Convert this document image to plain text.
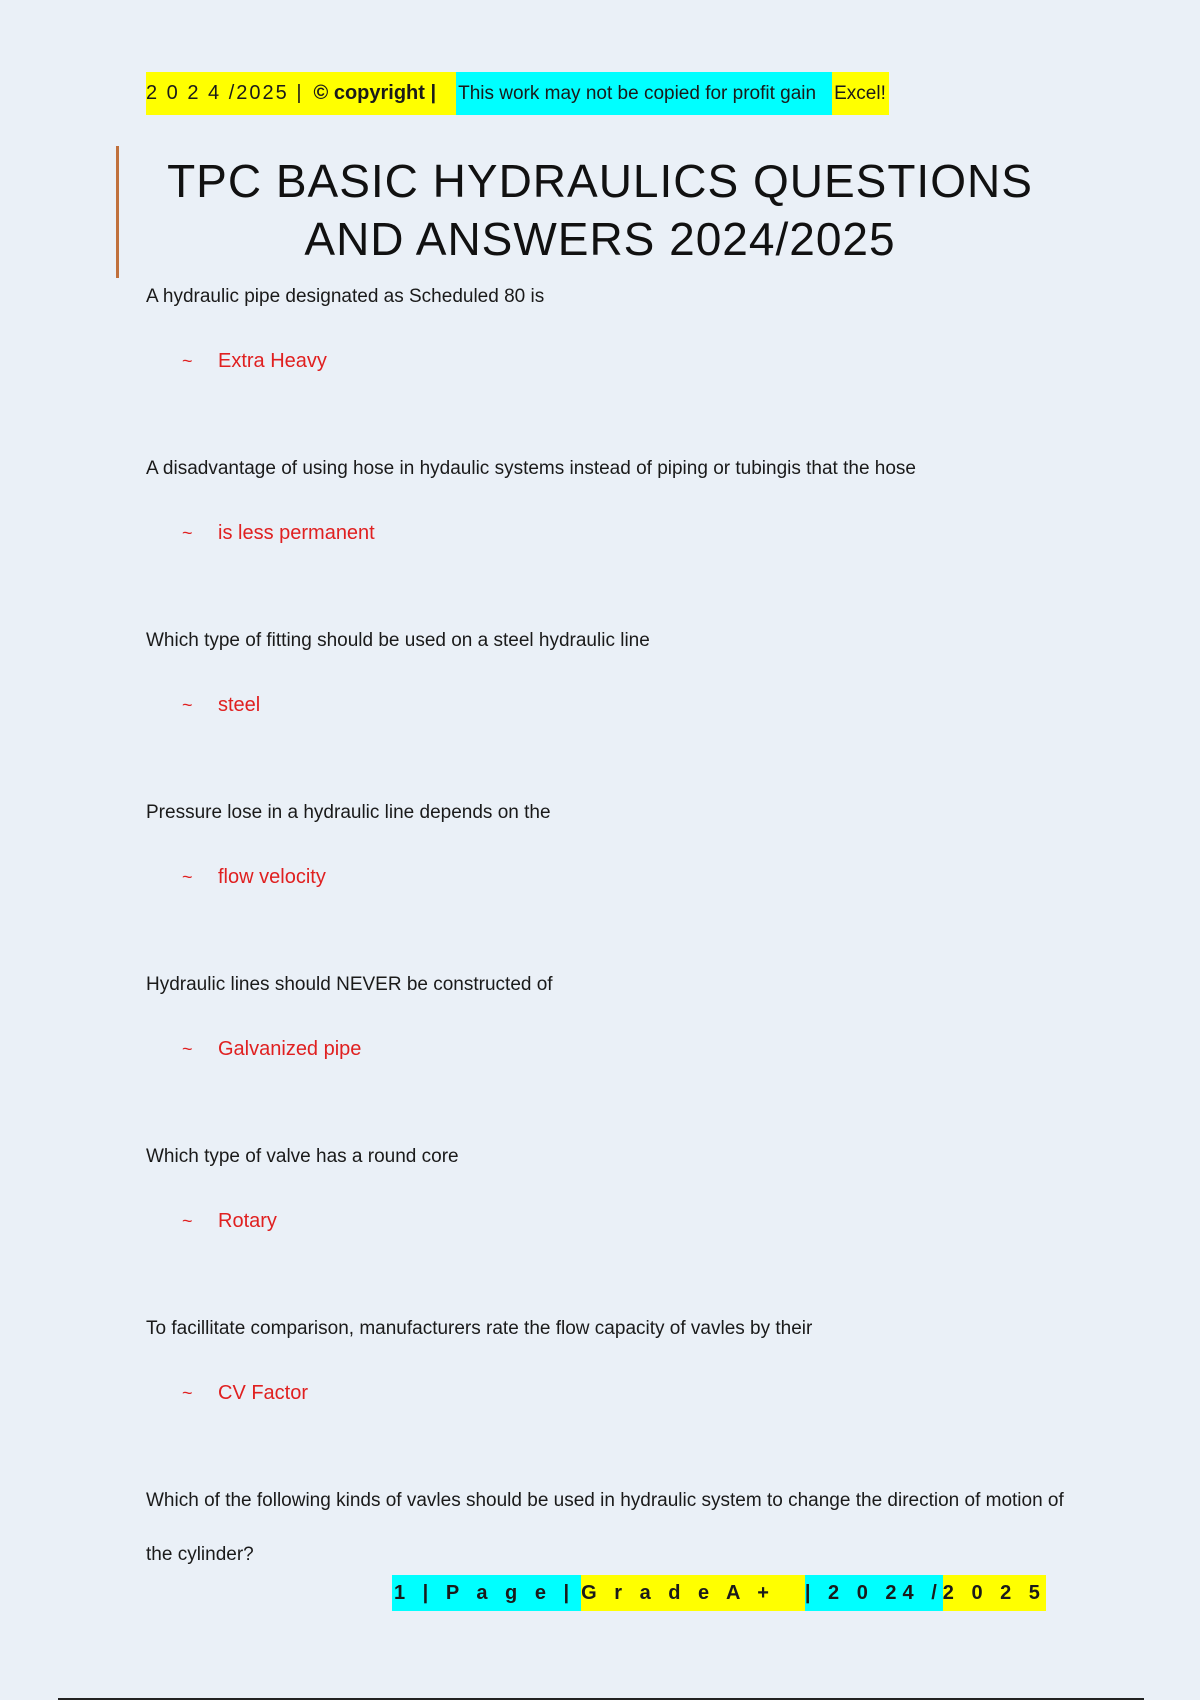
2 0 2 4 /2025 | © copyright |	This work may not be copied for profit gain Excel!
TPC BASIC HYDRAULICS QUESTIONS
AND ANSWERS 2024/2025

A hydraulic pipe designated as Scheduled 80 is

~	Extra Heavy

A disadvantage of using hose in hydaulic systems instead of piping or tubingis that the hose

~	is less permanent

Which type of fitting should be used on a steel hydraulic line

~	steel

Pressure lose in a hydraulic line depends on the

~	flow velocity

Hydraulic lines should NEVER be constructed of

~	Galvanized pipe

Which type of valve has a round core

~	Rotary

To facillitate comparison, manufacturers rate the flow capacity of vavles by their

~	CV Factor

Which of the following kinds of vavles should be used in hydraulic system to change the direction of motion of the cylinder?

1 | P a g e | G r a d e A +	| 2 0 24 / 2 0 2 5
